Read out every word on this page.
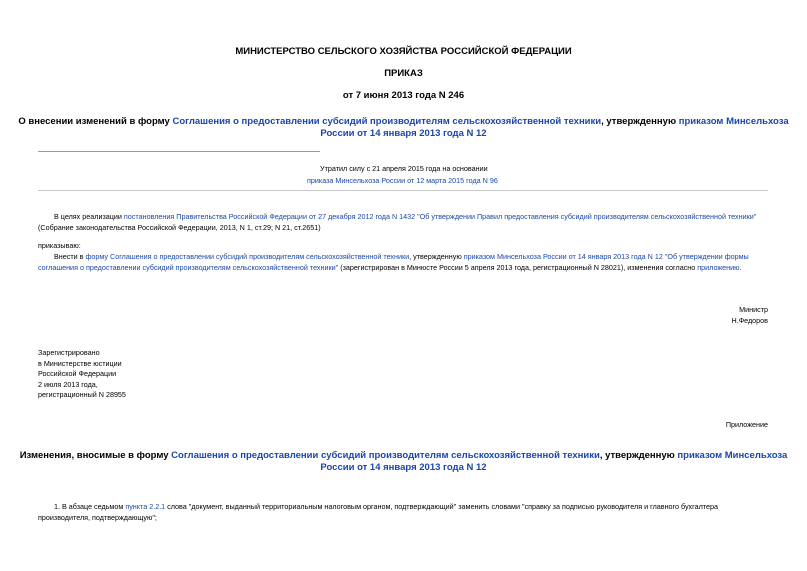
МИНИСТЕРСТВО СЕЛЬСКОГО ХОЗЯЙСТВА РОССИЙСКОЙ ФЕДЕРАЦИИ
ПРИКАЗ
от 7 июня 2013 года N 246
О внесении изменений в форму Соглашения о предоставлении субсидий производителям сельскохозяйственной техники, утвержденную приказом Минсельхоза
России от 14 января 2013 года N 12
Утратил силу с 21 апреля 2015 года на основании
приказа Минсельхоза России от 12 марта 2015 года N 96
В целях реализации постановления Правительства Российской Федерации от 27 декабря 2012 года N 1432 "Об утверждении Правил предоставления субсидий производителям сельскохозяйственной техники"
(Собрание законодательства Российской Федерации, 2013, N 1, ст.29; N 21, ст.2651)
приказываю:
Внести в форму Соглашения о предоставлении субсидий производителям сельскохозяйственной техники, утвержденную приказом Минсельхоза России от 14 января 2013 года N 12 "Об утверждении формы
соглашения о предоставлении субсидий производителям сельскохозяйственной техники" (зарегистрирован в Минюсте России 5 апреля 2013 года, регистрационный N 28021), изменения согласно приложению.
Министр
Н.Федоров
Зарегистрировано
в Министерстве юстиции
Российской Федерации
2 июля 2013 года,
регистрационный N 28955
Приложение
Изменения, вносимые в форму Соглашения о предоставлении субсидий производителям сельскохозяйственной техники, утвержденную приказом Минсельхоза
России от 14 января 2013 года N 12
1. В абзаце седьмом пункта 2.2.1 слова "документ, выданный территориальным налоговым органом, подтверждающий" заменить словами "справку за подписью руководителя и главного бухгалтера
производителя, подтверждающую";
